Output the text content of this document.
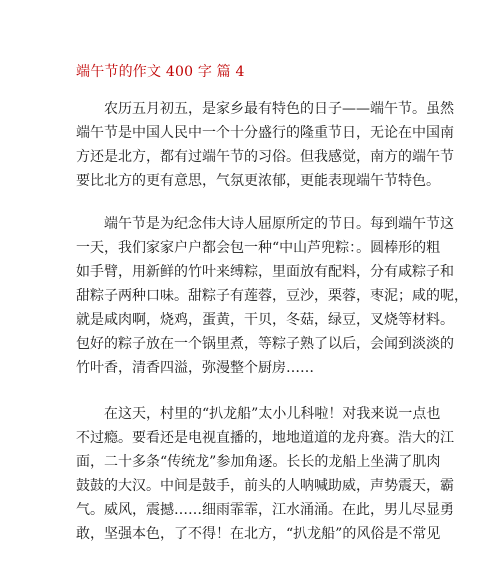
端午节的作文 400 字 篇 4
　　农历五月初五，是家乡最有特色的日子——端午节。虽然
端午节是中国人民中一个十分盛行的隆重节日，无论在中国南
方还是北方，都有过端午节的习俗。但我感觉，南方的端午节
要比北方的更有意思，气氛更浓郁，更能表现端午节特色。
　　端午节是为纪念伟大诗人屈原所定的节日。每到端午节这
一天，我们家家户户都会包一种“中山芦兜粽：。圆棒形的粗
如手臂，用新鲜的竹叶来缚粽，里面放有配料，分有咸粽子和
甜粽子两种口味。甜粽子有莲蓉，豆沙，栗蓉，枣泥；咸的呢，
就是咸肉啊，烧鸡，蛋黄，干贝，冬菇，绿豆，叉烧等材料。
包好的粽子放在一个锅里煮，等粽子熟了以后，会闻到淡淡的
竹叶香，清香四溢，弥漫整个厨房……
　　在这天，村里的“扒龙船”太小儿科啦！对我来说一点也
不过瘾。要看还是电视直播的，地地道道的龙舟赛。浩大的江
面，二十多条“传统龙”参加角逐。长长的龙船上坐满了肌肉
鼓鼓的大汉。中间是鼓手，前头的人呐喊助威，声势震天，霸
气。威风，震撼……细雨霏霏，江水涌涌。在此，男儿尽显勇
敢，坚强本色，了不得！在北方，“扒龙船”的风俗是不常见
